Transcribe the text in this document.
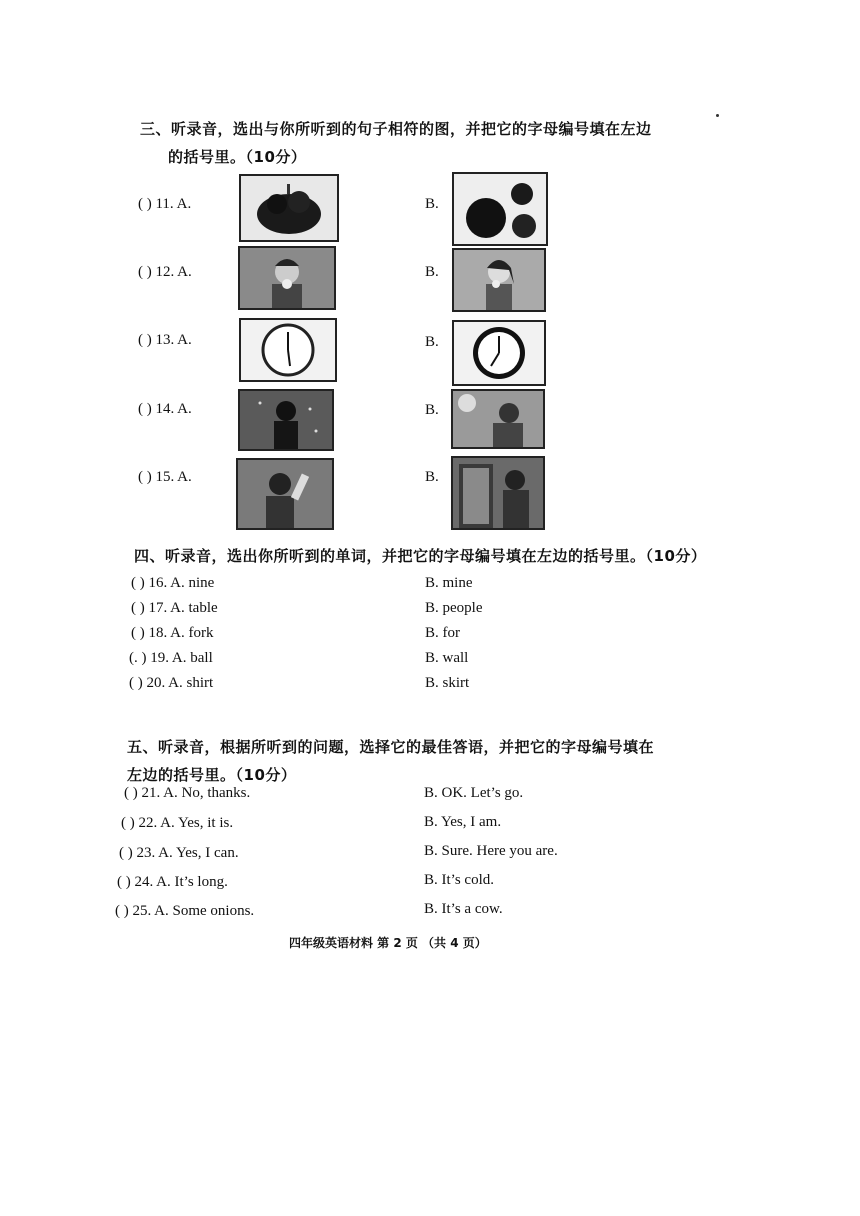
三、听录音，选出与你所听到的句子相符的图，并把它的字母编号填在左边
的括号里。（10分）
( ) 11. A.	B.
( ) 12. A.	B.
( ) 13. A.	B.
( ) 14. A.	B.
( ) 15. A.	B.
四、听录音，选出你所听到的单词，并把它的字母编号填在左边的括号里。（10分）
( ) 16. A. nine	B. mine
( ) 17. A. table	B. people
( ) 18. A. fork	B. for
(. ) 19. A. ball	B. wall
( ) 20. A. shirt	B. skirt
五、听录音，根据所听到的问题，选择它的最佳答语，并把它的字母编号填在
左边的括号里。（10分）
( ) 21. A. No, thanks.	B. OK. Let’s go.
( ) 22. A. Yes, it is.	B. Yes, I am.
( ) 23. A. Yes, I can.	B. Sure. Here you are.
( ) 24. A. It’s long.	B. It’s cold.
( ) 25. A. Some onions.	B. It’s a cow.
四年级英语材料 第 2 页 （共 4 页）
